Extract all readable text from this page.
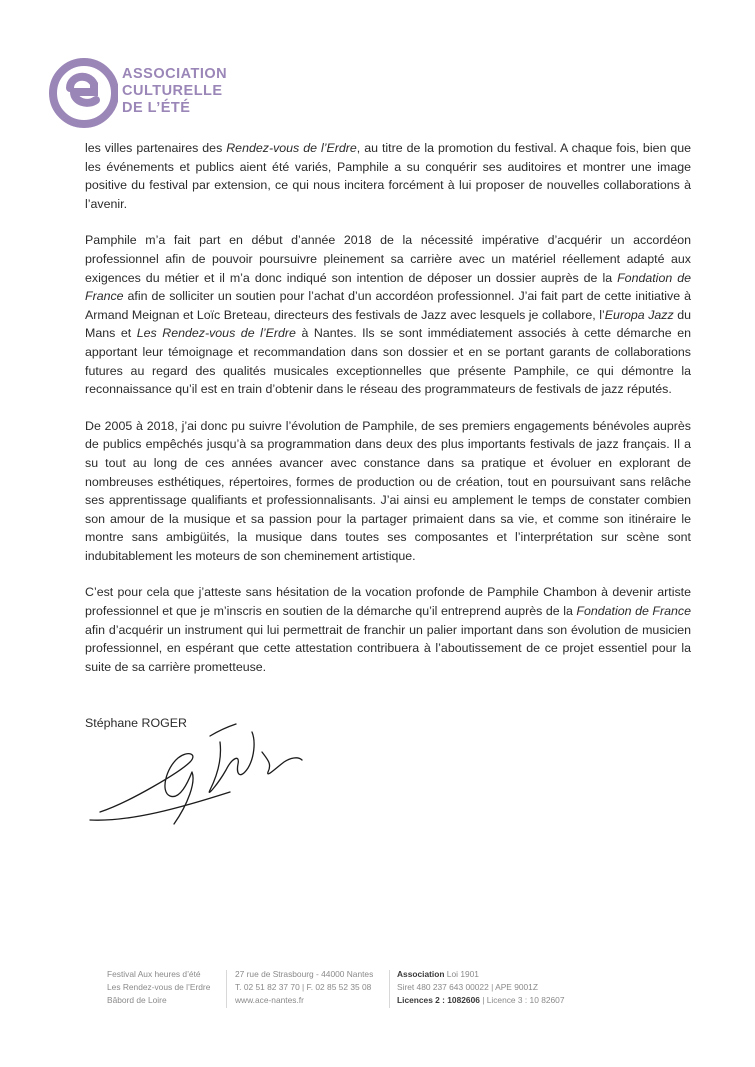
ASSOCIATION
CULTURELLE
DE L’ÉTÉ

les villes partenaires des Rendez-vous de l’Erdre, au titre de la promotion du festival. A chaque fois, bien que les événements et publics aient été variés, Pamphile a su conquérir ses auditoires et montrer une image positive du festival par extension, ce qui nous incitera forcément à lui proposer de nouvelles collaborations à l’avenir.

Pamphile m’a fait part en début d’année 2018 de la nécessité impérative d’acquérir un accordéon professionnel afin de pouvoir poursuivre pleinement sa carrière avec un matériel réellement adapté aux exigences du métier et il m’a donc indiqué son intention de déposer un dossier auprès de la Fondation de France afin de solliciter un soutien pour l’achat d’un accordéon professionnel. J’ai fait part de cette initiative à Armand Meignan et Loïc Breteau, directeurs des festivals de Jazz avec lesquels je collabore, l’Europa Jazz du Mans et Les Rendez-vous de l’Erdre à Nantes. Ils se sont immédiatement associés à cette démarche en apportant leur témoignage et recommandation dans son dossier et en se portant garants de collaborations futures au regard des qualités musicales exceptionnelles que présente Pamphile, ce qui démontre la reconnaissance qu’il est en train d’obtenir dans le réseau des programmateurs de festivals de jazz réputés.

De 2005 à 2018, j’ai donc pu suivre l’évolution de Pamphile, de ses premiers engagements bénévoles auprès de publics empêchés jusqu’à sa programmation dans deux des plus importants festivals de jazz français. Il a su tout au long de ces années avancer avec constance dans sa pratique et évoluer en explorant de nombreuses esthétiques, répertoires, formes de production ou de création, tout en poursuivant sans relâche ses apprentissage qualifiants et professionnalisants. J’ai ainsi eu amplement le temps de constater combien son amour de la musique et sa passion pour la partager primaient dans sa vie, et comme son itinéraire le montre sans ambigüités, la musique dans toutes ses composantes et l’interprétation sur scène sont indubitablement les moteurs de son cheminement artistique.

C’est pour cela que j’atteste sans hésitation de la vocation profonde de Pamphile Chambon à devenir artiste professionnel et que je m’inscris en soutien de la démarche qu’il entreprend auprès de la Fondation de France afin d’acquérir un instrument qui lui permettrait de franchir un palier important dans son évolution de musicien professionnel, en espérant que cette attestation contribuera à l’aboutissement de ce projet essentiel pour la suite de sa carrière prometteuse.

Stéphane ROGER
Festival Aux heures d’été
Les Rendez-vous de l’Erdre
Bâbord de Loire
27 rue de Strasbourg - 44000 Nantes
T. 02 51 82 37 70 | F. 02 85 52 35 08
www.ace-nantes.fr
Association Loi 1901
Siret 480 237 643 00022 | APE 9001Z
Licences 2 : 1082606 | Licence 3 : 10 82607
